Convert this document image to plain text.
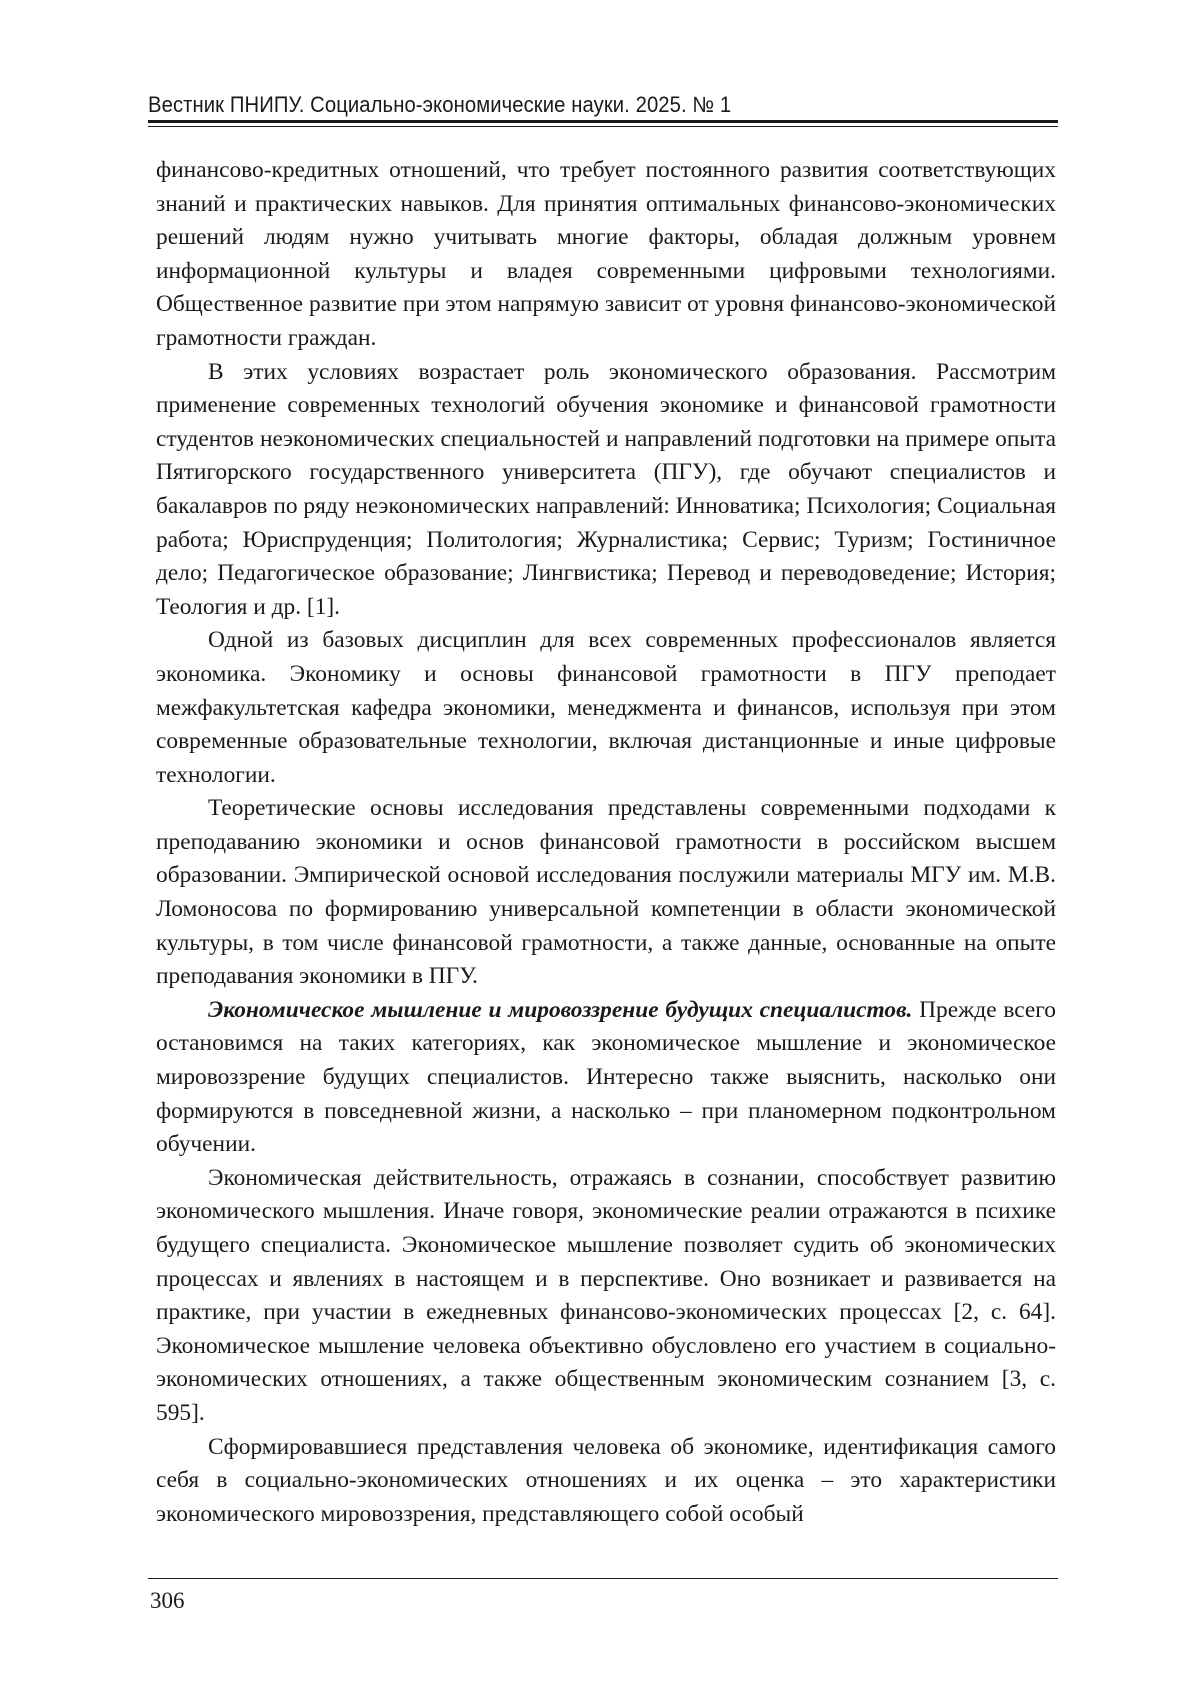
Вестник ПНИПУ. Социально-экономические науки. 2025. № 1

финансово-кредитных отношений, что требует постоянного развития соответствующих знаний и практических навыков. Для принятия оптимальных финансово-экономических решений людям нужно учитывать многие факторы, обладая должным уровнем информационной культуры и владея современными цифровыми технологиями. Общественное развитие при этом напрямую зависит от уровня финансово-экономической грамотности граждан.

В этих условиях возрастает роль экономического образования. Рассмотрим применение современных технологий обучения экономике и финансовой грамотности студентов неэкономических специальностей и направлений подготовки на примере опыта Пятигорского государственного университета (ПГУ), где обучают специалистов и бакалавров по ряду неэкономических направлений: Инноватика; Психология; Социальная работа; Юриспруденция; Политология; Журналистика; Сервис; Туризм; Гостиничное дело; Педагогическое образование; Лингвистика; Перевод и переводоведение; История; Теология и др. [1].

Одной из базовых дисциплин для всех современных профессионалов является экономика. Экономику и основы финансовой грамотности в ПГУ преподает межфакультетская кафедра экономики, менеджмента и финансов, используя при этом современные образовательные технологии, включая дистанционные и иные цифровые технологии.

Теоретические основы исследования представлены современными подходами к преподаванию экономики и основ финансовой грамотности в российском высшем образовании. Эмпирической основой исследования послужили материалы МГУ им. М.В. Ломоносова по формированию универсальной компетенции в области экономической культуры, в том числе финансовой грамотности, а также данные, основанные на опыте преподавания экономики в ПГУ.

Экономическое мышление и мировоззрение будущих специалистов. Прежде всего остановимся на таких категориях, как экономическое мышление и экономическое мировоззрение будущих специалистов. Интересно также выяснить, насколько они формируются в повседневной жизни, а насколько – при планомерном подконтрольном обучении.

Экономическая действительность, отражаясь в сознании, способствует развитию экономического мышления. Иначе говоря, экономические реалии отражаются в психике будущего специалиста. Экономическое мышление позволяет судить об экономических процессах и явлениях в настоящем и в перспективе. Оно возникает и развивается на практике, при участии в ежедневных финансово-экономических процессах [2, с. 64]. Экономическое мышление человека объективно обусловлено его участием в социально-экономических отношениях, а также общественным экономическим сознанием [3, с. 595].

Сформировавшиеся представления человека об экономике, идентификация самого себя в социально-экономических отношениях и их оценка – это характеристики экономического мировоззрения, представляющего собой особый

306
